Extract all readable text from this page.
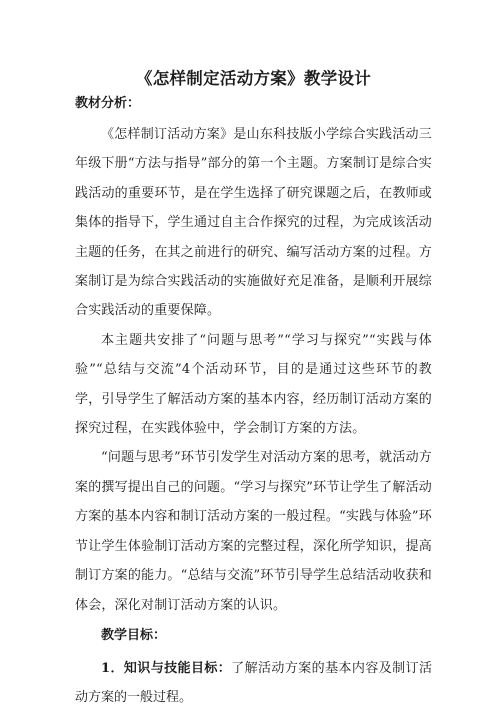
《怎样制定活动方案》教学设计
教材分析：

《怎样制订活动方案》是山东科技版小学综合实践活动三年级下册“方法与指导”部分的第一个主题。方案制订是综合实践活动的重要环节，是在学生选择了研究课题之后，在教师或集体的指导下，学生通过自主合作探究的过程，为完成该活动主题的任务，在其之前进行的研究、编写活动方案的过程。方案制订是为综合实践活动的实施做好充足准备，是顺利开展综合实践活动的重要保障。

本主题共安排了“问题与思考”“学习与探究”“实践与体验”“总结与交流”4个活动环节，目的是通过这些环节的教学，引导学生了解活动方案的基本内容，经历制订活动方案的探究过程，在实践体验中，学会制订方案的方法。

“问题与思考”环节引发学生对活动方案的思考，就活动方案的撰写提出自己的问题。“学习与探究”环节让学生了解活动方案的基本内容和制订活动方案的一般过程。“实践与体验”环节让学生体验制订活动方案的完整过程，深化所学知识，提高制订方案的能力。“总结与交流”环节引导学生总结活动收获和体会，深化对制订活动方案的认识。

教学目标：

1．知识与技能目标：了解活动方案的基本内容及制订活动方案的一般过程。
